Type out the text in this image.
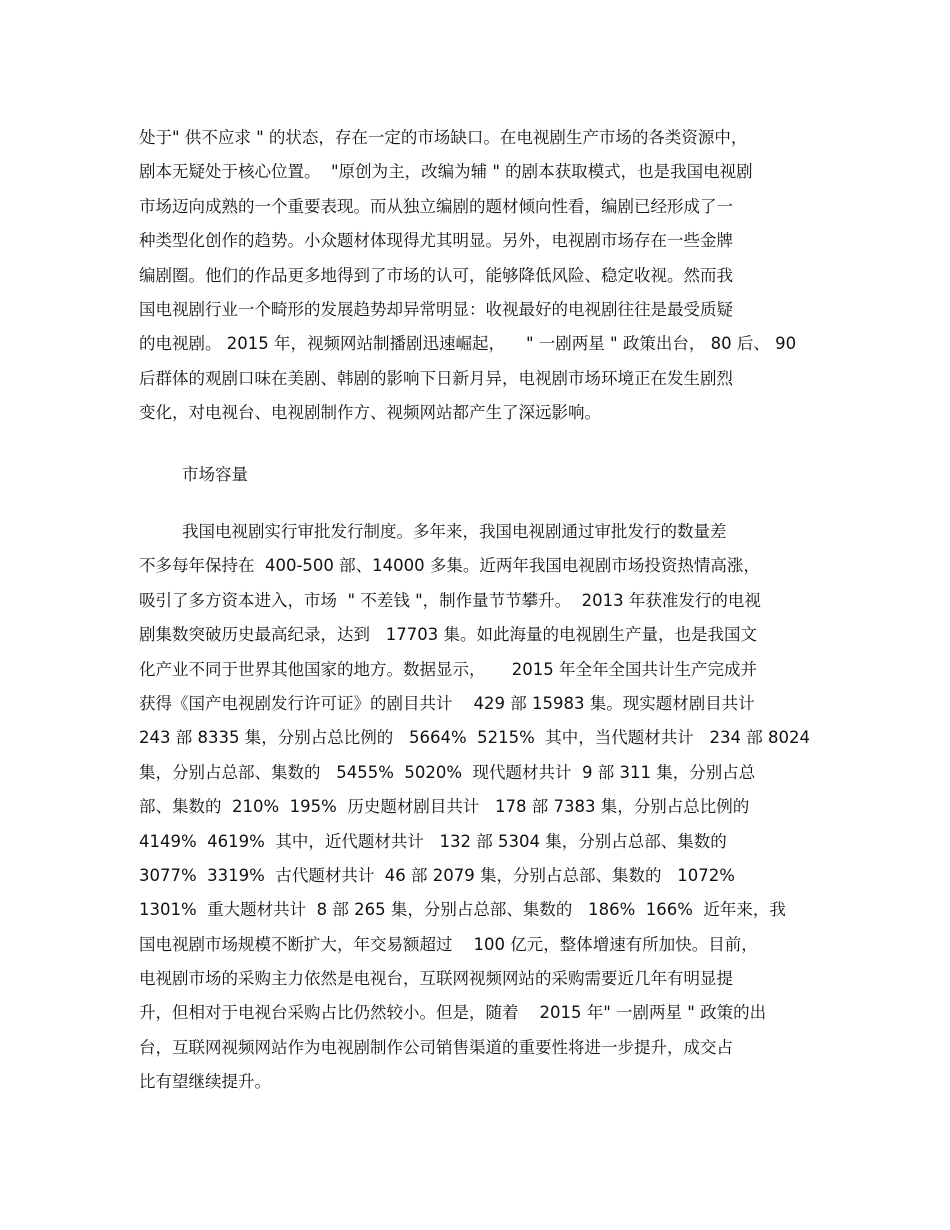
处于" 供不应求 " 的状态，存在一定的市场缺口。在电视剧生产市场的各类资源中，
剧本无疑处于核心位置。  "原创为主，改编为辅 " 的剧本获取模式，也是我国电视剧
市场迈向成熟的一个重要表现。而从独立编剧的题材倾向性看，编剧已经形成了一
种类型化创作的趋势。小众题材体现得尤其明显。另外，电视剧市场存在一些金牌
编剧圈。他们的作品更多地得到了市场的认可，能够降低风险、稳定收视。然而我
国电视剧行业一个畸形的发展趋势却异常明显：收视最好的电视剧往往是最受质疑
的电视剧。 2015 年，视频网站制播剧迅速崛起，    " 一剧两星 " 政策出台， 80 后、 90
后群体的观剧口味在美剧、韩剧的影响下日新月异，电视剧市场环境正在发生剧烈
变化，对电视台、电视剧制作方、视频网站都产生了深远影响。
市场容量
我国电视剧实行审批发行制度。多年来，我国电视剧通过审批发行的数量差
不多每年保持在  400-500 部、14000 多集。近两年我国电视剧市场投资热情高涨，
吸引了多方资本进入，市场  " 不差钱 "，制作量节节攀升。  2013 年获准发行的电视
剧集数突破历史最高纪录，达到   17703 集。如此海量的电视剧生产量，也是我国文
化产业不同于世界其他国家的地方。数据显示，     2015 年全年全国共计生产完成并
获得《国产电视剧发行许可证》的剧目共计    429 部 15983 集。现实题材剧目共计
243 部 8335 集，分别占总比例的   5664%  5215%  其中，当代题材共计   234 部 8024
集，分别占总部、集数的   5455%  5020%  现代题材共计  9 部 311 集，分别占总
部、集数的  210%  195%  历史题材剧目共计   178 部 7383 集，分别占总比例的
4149%  4619%  其中，近代题材共计   132 部 5304 集，分别占总部、集数的
3077%  3319%  古代题材共计  46 部 2079 集，分别占总部、集数的   1072%
1301%  重大题材共计  8 部 265 集，分别占总部、集数的   186%  166%  近年来，我
国电视剧市场规模不断扩大，年交易额超过    100 亿元，整体增速有所加快。目前，
电视剧市场的采购主力依然是电视台，互联网视频网站的采购需要近几年有明显提
升，但相对于电视台采购占比仍然较小。但是，随着    2015 年" 一剧两星 " 政策的出
台，互联网视频网站作为电视剧制作公司销售渠道的重要性将进一步提升，成交占
比有望继续提升。
